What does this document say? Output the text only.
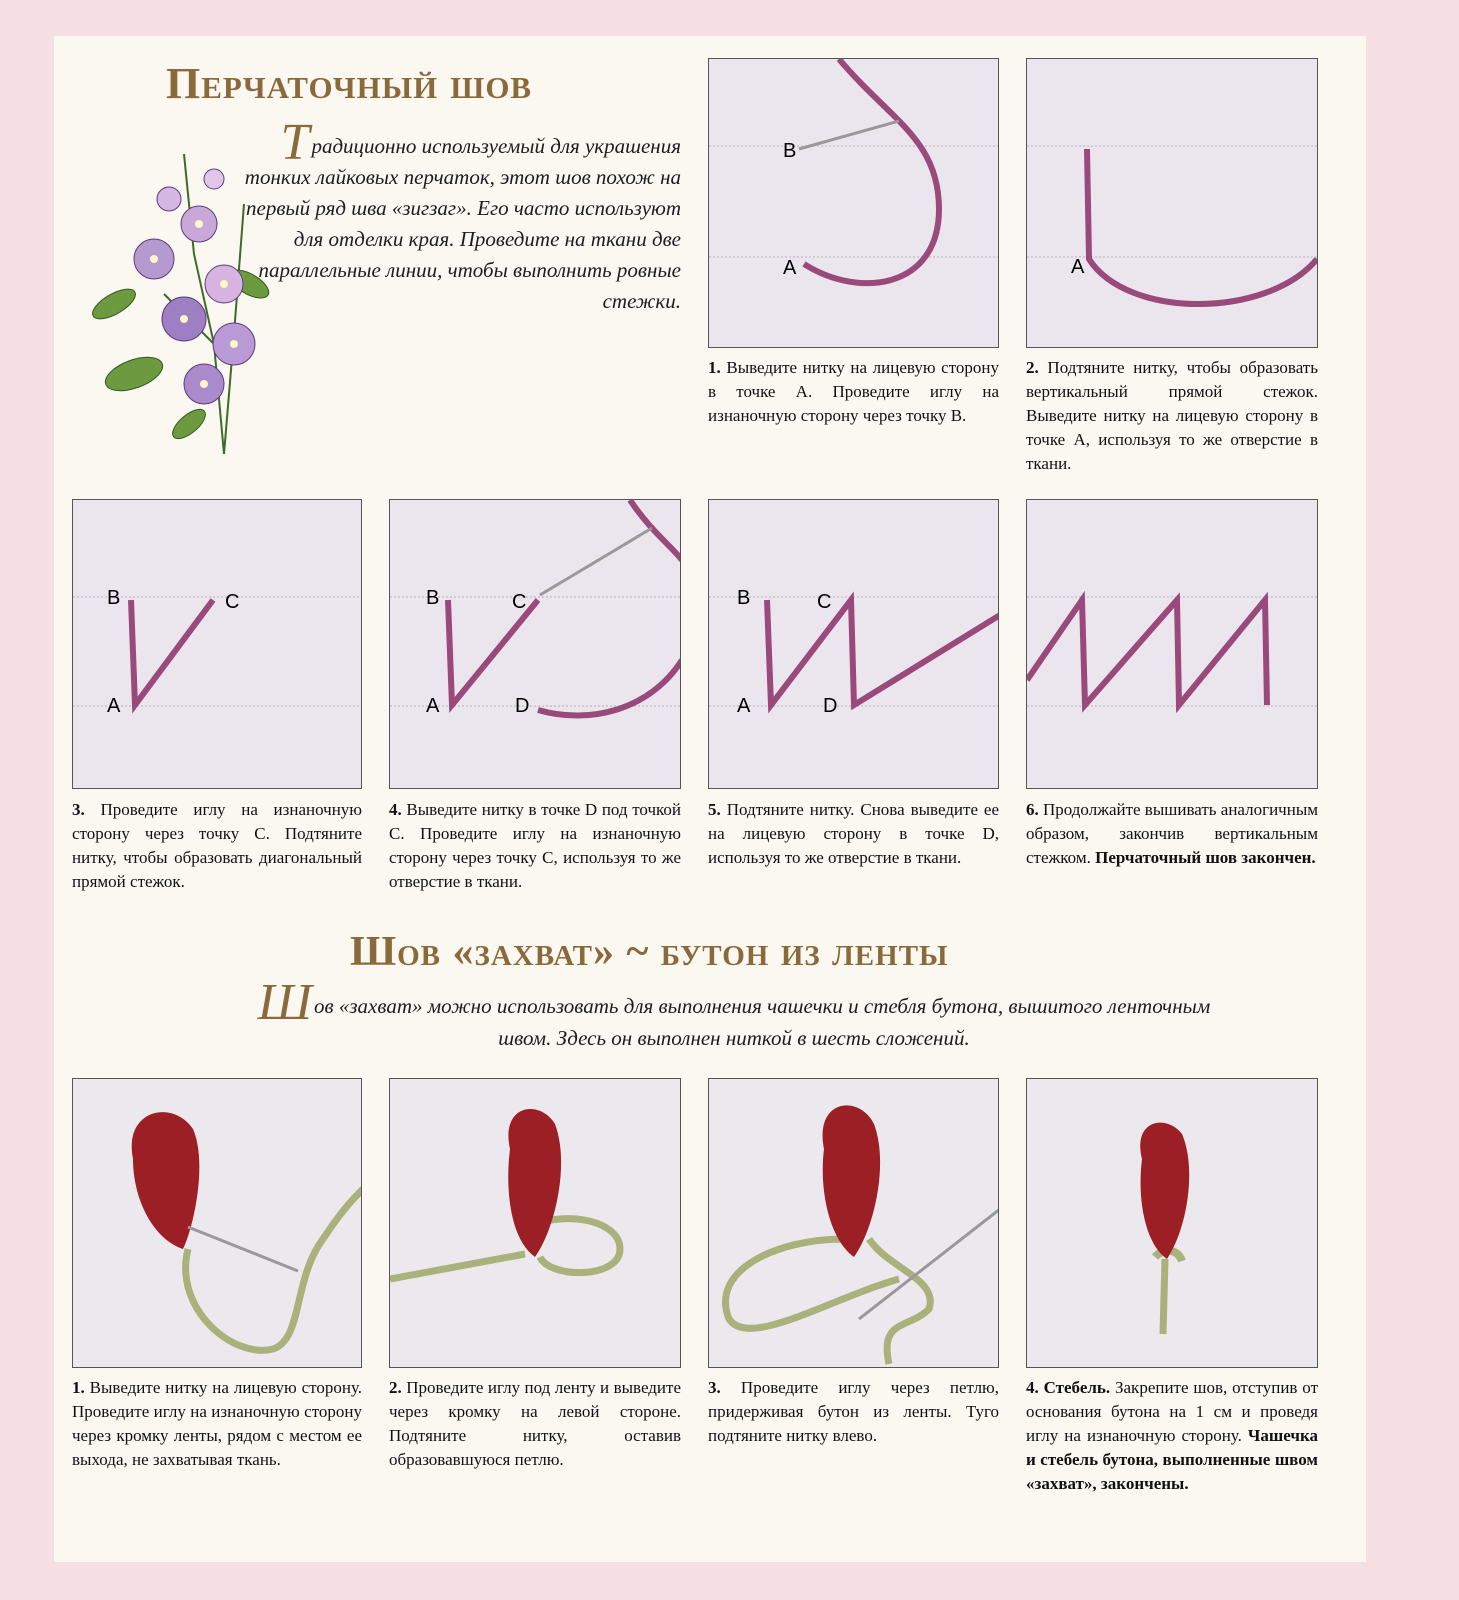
Перчаточный шов
Традиционно используемый для украшения тонких лайковых перчаток, этот шов похож на первый ряд шва «зигзаг». Его часто используют для отделки края. Проведите на ткани две параллельные линии, чтобы выполнить ровные стежки.
B
A	A
1. Выведите нитку на лицевую сторону в точке А. Проведите иглу на изнаночную сторону через точку В.
2. Подтяните нитку, чтобы образовать вертикальный прямой стежок. Выведите нитку на лицевую сторону в точке А, используя то же отверстие в ткани.
B	C
A
B	C
A	D
B	C
A	D
3. Проведите иглу на изнаночную сторону через точку С. Подтяните нитку, чтобы образовать диагональный прямой стежок.
4. Выведите нитку в точке D под точкой С. Проведите иглу на изнаночную сторону через точку С, используя то же отверстие в ткани.
5. Подтяните нитку. Снова выведите ее на лицевую сторону в точке D, используя то же отверстие в ткани.
6. Продолжайте вышивать аналогичным образом, закончив вертикальным стежком. Перчаточный шов закончен.
Шов «захват» ~ бутон из ленты
Шов «захват» можно использовать для выполнения чашечки и стебля бутона, вышитого ленточным швом. Здесь он выполнен ниткой в шесть сложений.
1. Выведите нитку на лицевую сторону. Проведите иглу на изнаночную сторону через кромку ленты, рядом с местом ее выхода, не захватывая ткань.
2. Проведите иглу под ленту и выведите через кромку на левой стороне. Подтяните нитку, оставив образовавшуюся петлю.
3. Проведите иглу через петлю, придерживая бутон из ленты. Туго подтяните нитку влево.
4. Стебель. Закрепите шов, отступив от основания бутона на 1 см и проведя иглу на изнаночную сторону. Чашечка и стебель бутона, выполненные швом «захват», закончены.
